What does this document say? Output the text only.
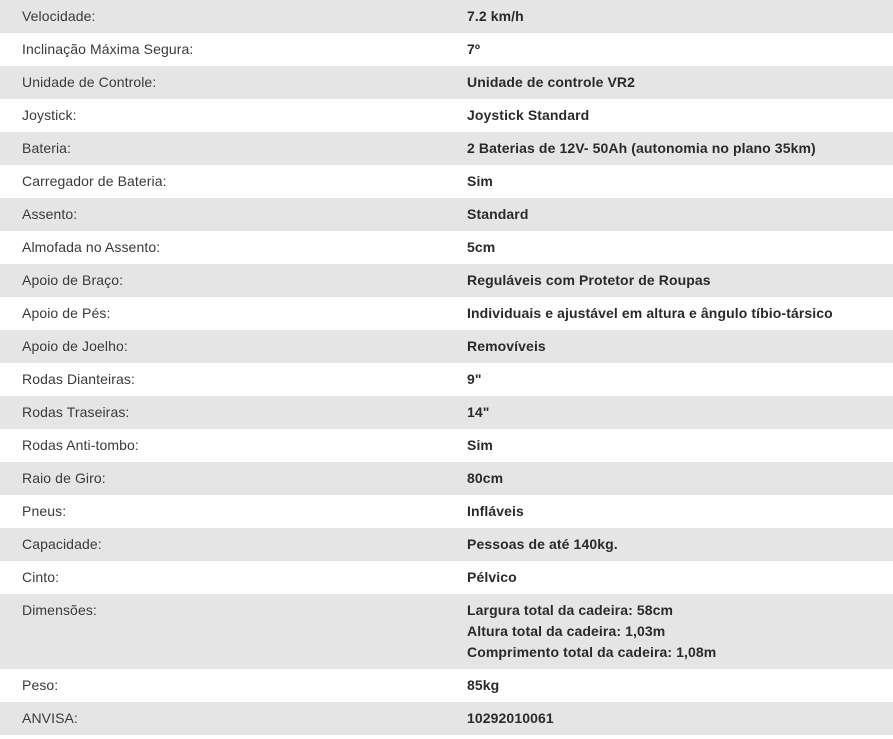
Velocidade:	7.2 km/h
Inclinação Máxima Segura:	7º
Unidade de Controle:	Unidade de controle VR2
Joystick:	Joystick Standard
Bateria:	2 Baterias de 12V- 50Ah (autonomia no plano 35km)
Carregador de Bateria:	Sim
Assento:	Standard
Almofada no Assento:	5cm
Apoio de Braço:	Reguláveis com Protetor de Roupas
Apoio de Pés:	Individuais e ajustável em altura e ângulo tíbio-társico
Apoio de Joelho:	Removíveis
Rodas Dianteiras:	9"
Rodas Traseiras:	14"
Rodas Anti-tombo:	Sim
Raio de Giro:	80cm
Pneus:	Infláveis
Capacidade:	Pessoas de até 140kg.
Cinto:	Pélvico
Dimensões:	Largura total da cadeira: 58cm
Altura total da cadeira: 1,03m
Comprimento total da cadeira: 1,08m

Peso:	85kg
ANVISA:	10292010061
